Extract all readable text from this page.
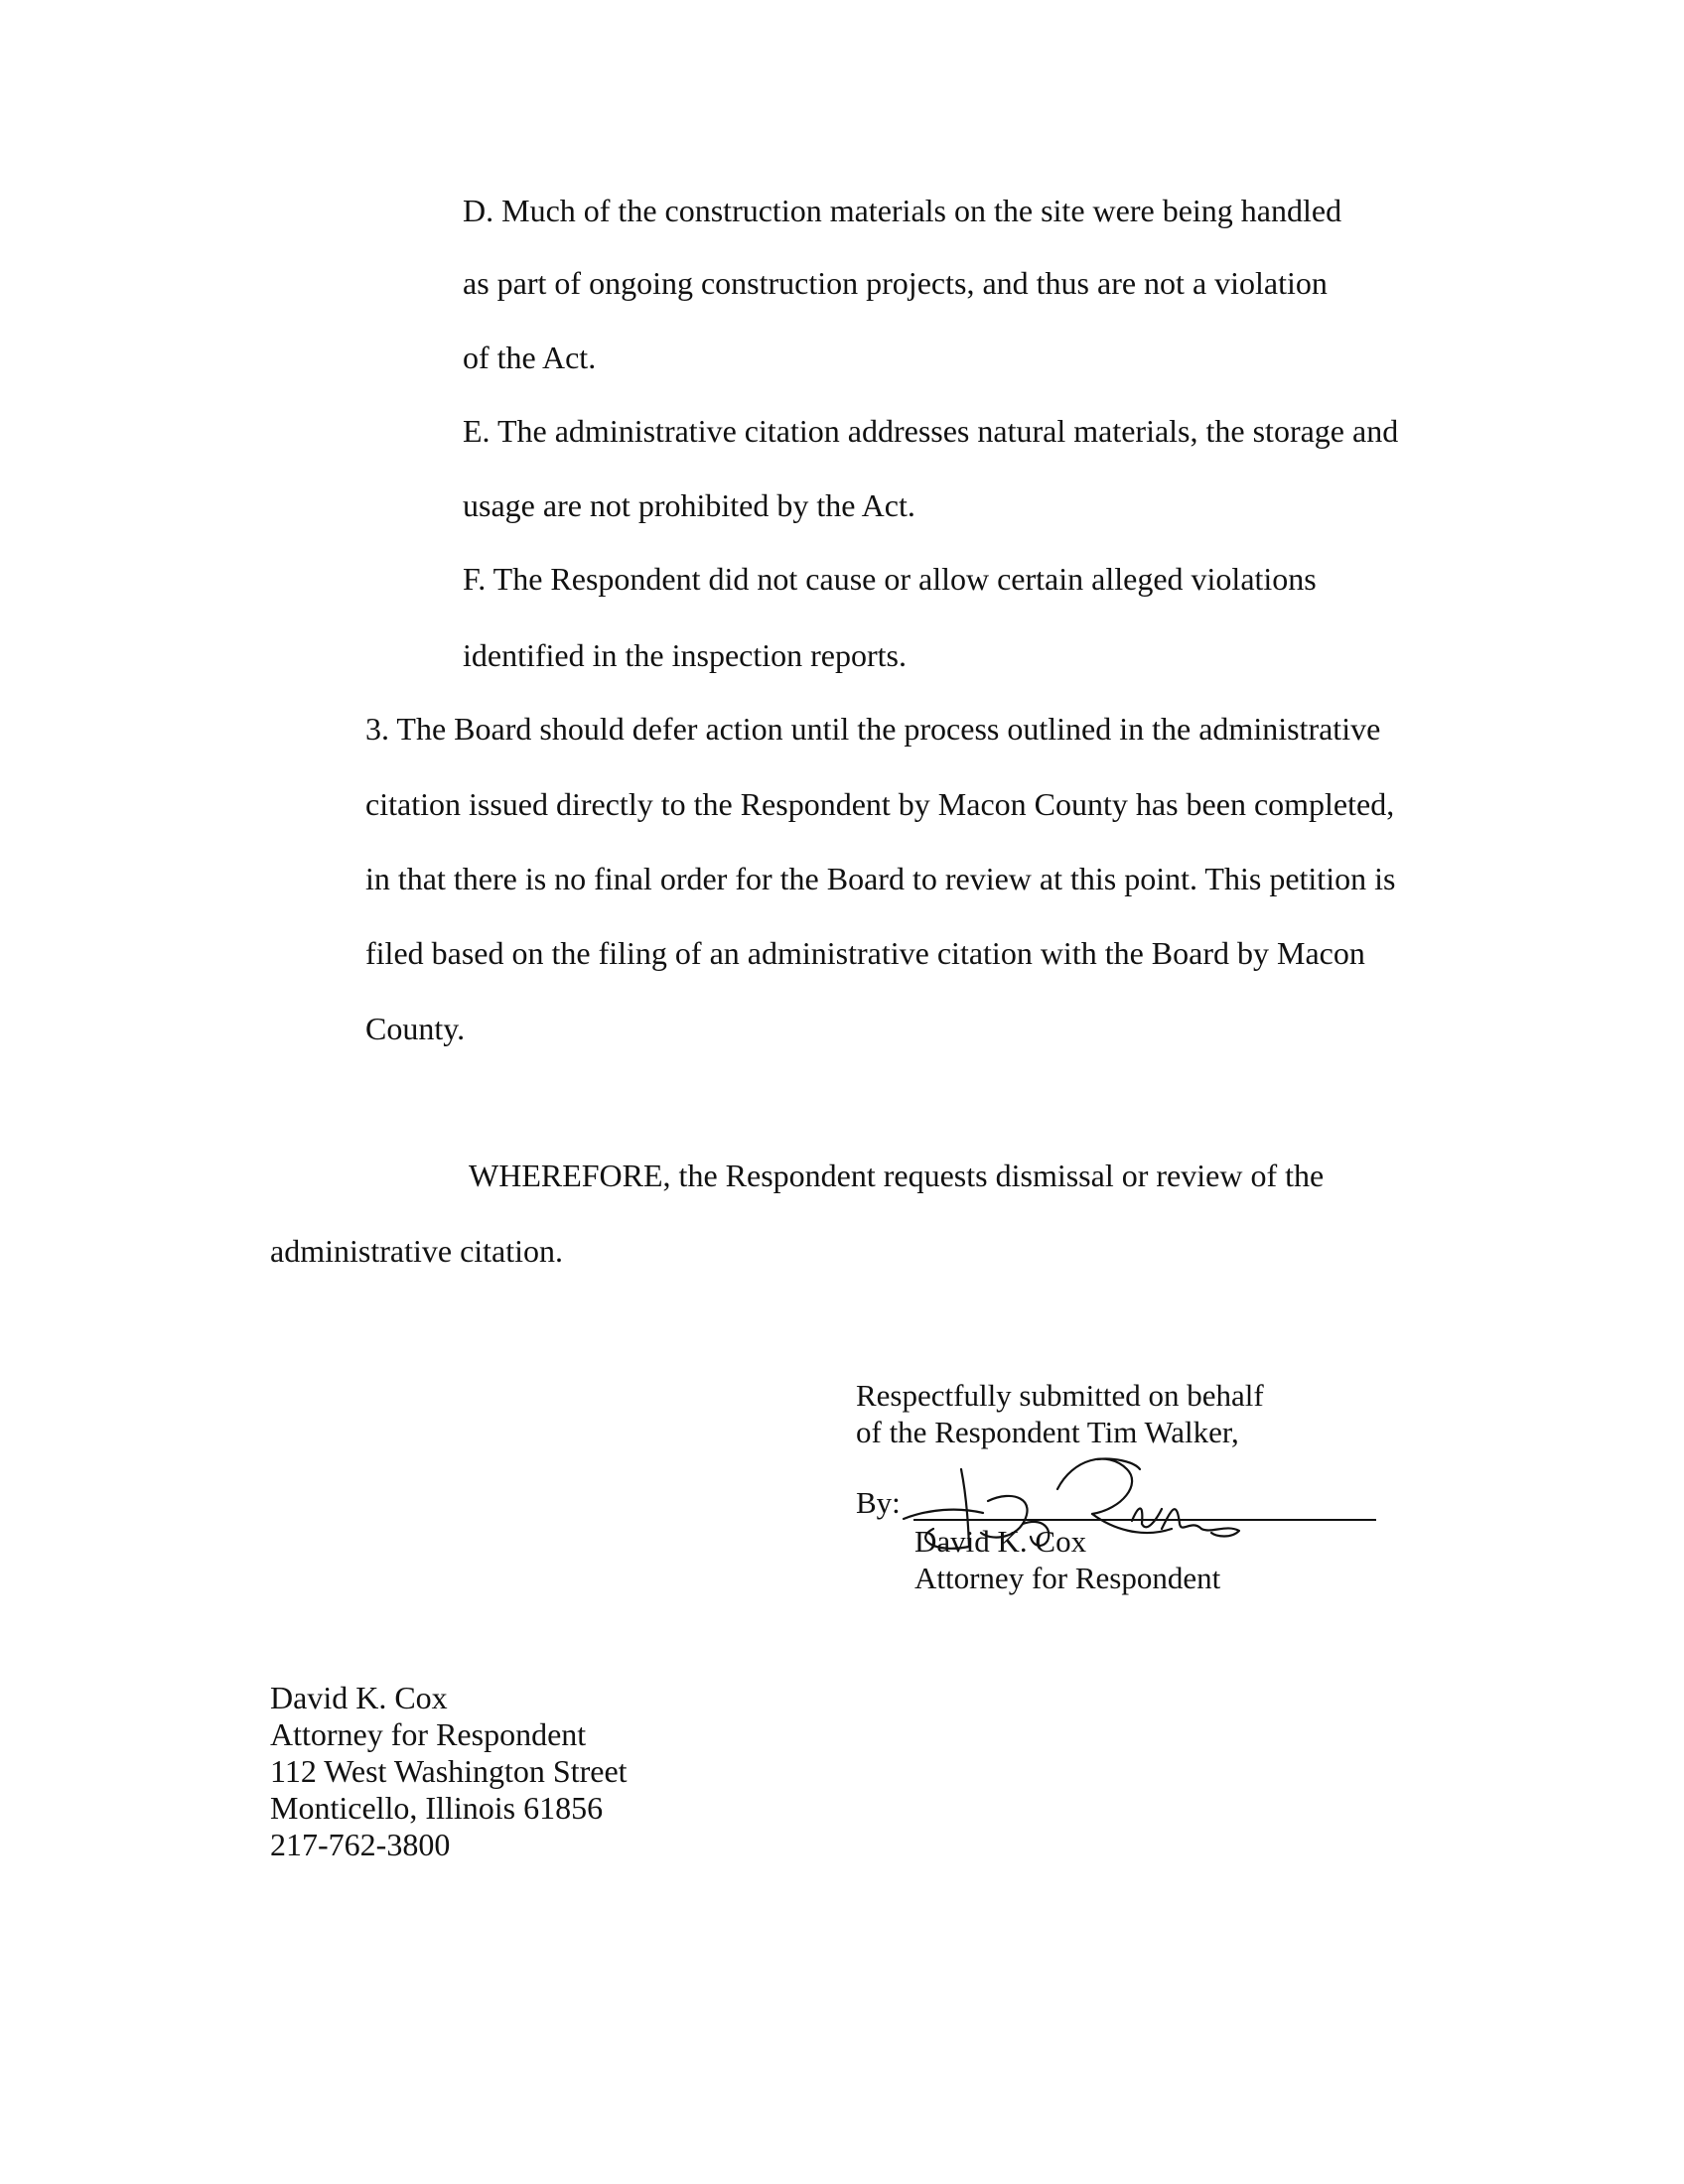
D. Much of the construction materials on the site were being handled
as part of ongoing construction projects, and thus are not a violation
of the Act.
E. The administrative citation addresses natural materials, the storage and
usage are not prohibited by the Act.
F. The Respondent did not cause or allow certain alleged violations
identified in the inspection reports.
3. The Board should defer action until the process outlined in the administrative
citation issued directly to the Respondent by Macon County has been completed,
in that there is no final order for the Board to review at this point. This petition is
filed based on the filing of an administrative citation with the Board by Macon
County.
WHEREFORE, the Respondent requests dismissal or review of the
administrative citation.
Respectfully submitted on behalf
of the Respondent Tim Walker,
By:
David K. Cox
Attorney for Respondent
David K. Cox
Attorney for Respondent
112 West Washington Street
Monticello, Illinois 61856
217-762-3800
